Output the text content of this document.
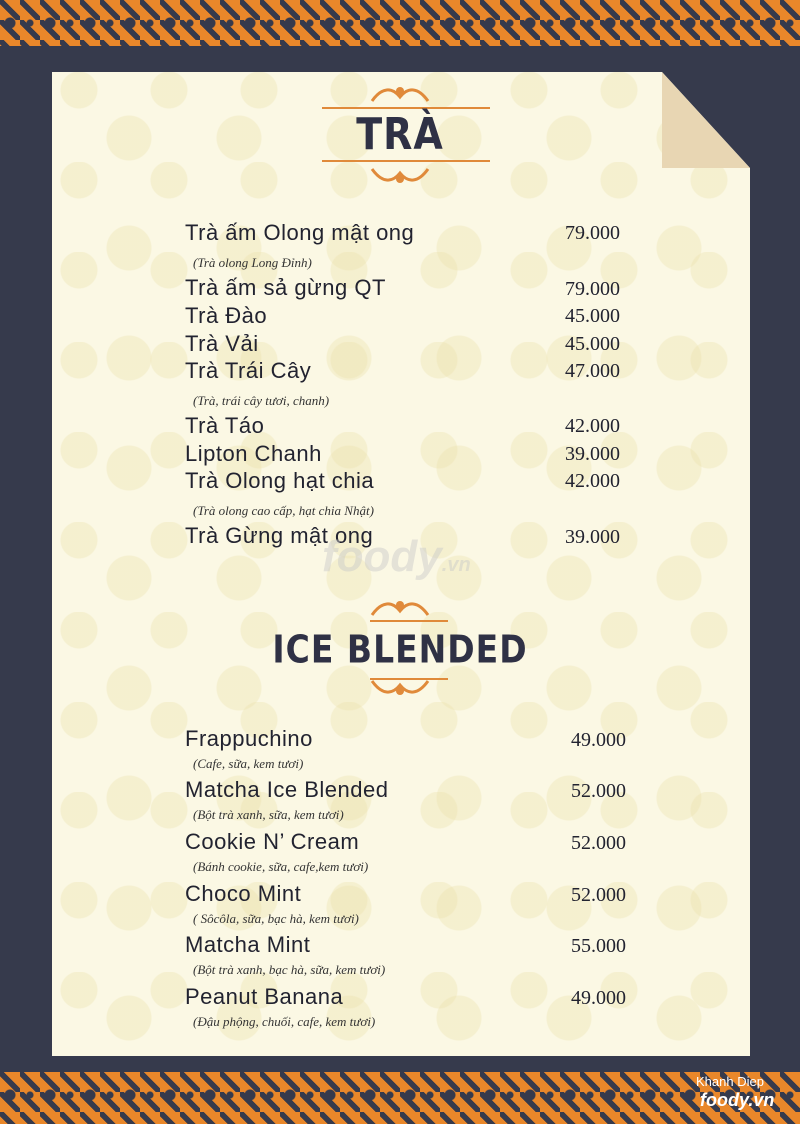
TRÀ
Trà ấm Olong mật ong	79.000
(Trà olong Long Đỉnh)
Trà ấm sả gừng QT	79.000
Trà Đào	45.000
Trà Vải	45.000
Trà Trái Cây	47.000
(Trà, trái cây tươi, chanh)
Trà Táo	42.000
Lipton Chanh	39.000
Trà Olong hạt chia	42.000
(Trà olong cao cấp, hạt chia Nhật)
Trà Gừng mật ong	39.000
foody.vn
ICE BLENDED
Frappuchino	49.000
(Cafe, sữa, kem tươi)
Matcha Ice Blended	52.000
(Bột trà xanh, sữa, kem tươi)
Cookie N’ Cream	52.000
(Bánh cookie, sữa, cafe,kem tươi)
Choco Mint	52.000
( Sôcôla, sữa, bạc hà, kem tươi)
Matcha Mint	55.000
(Bột trà xanh, bạc hà, sữa, kem tươi)
Peanut Banana	49.000
(Đậu phộng, chuối, cafe, kem tươi)
Khanh Diep
foody.vn
